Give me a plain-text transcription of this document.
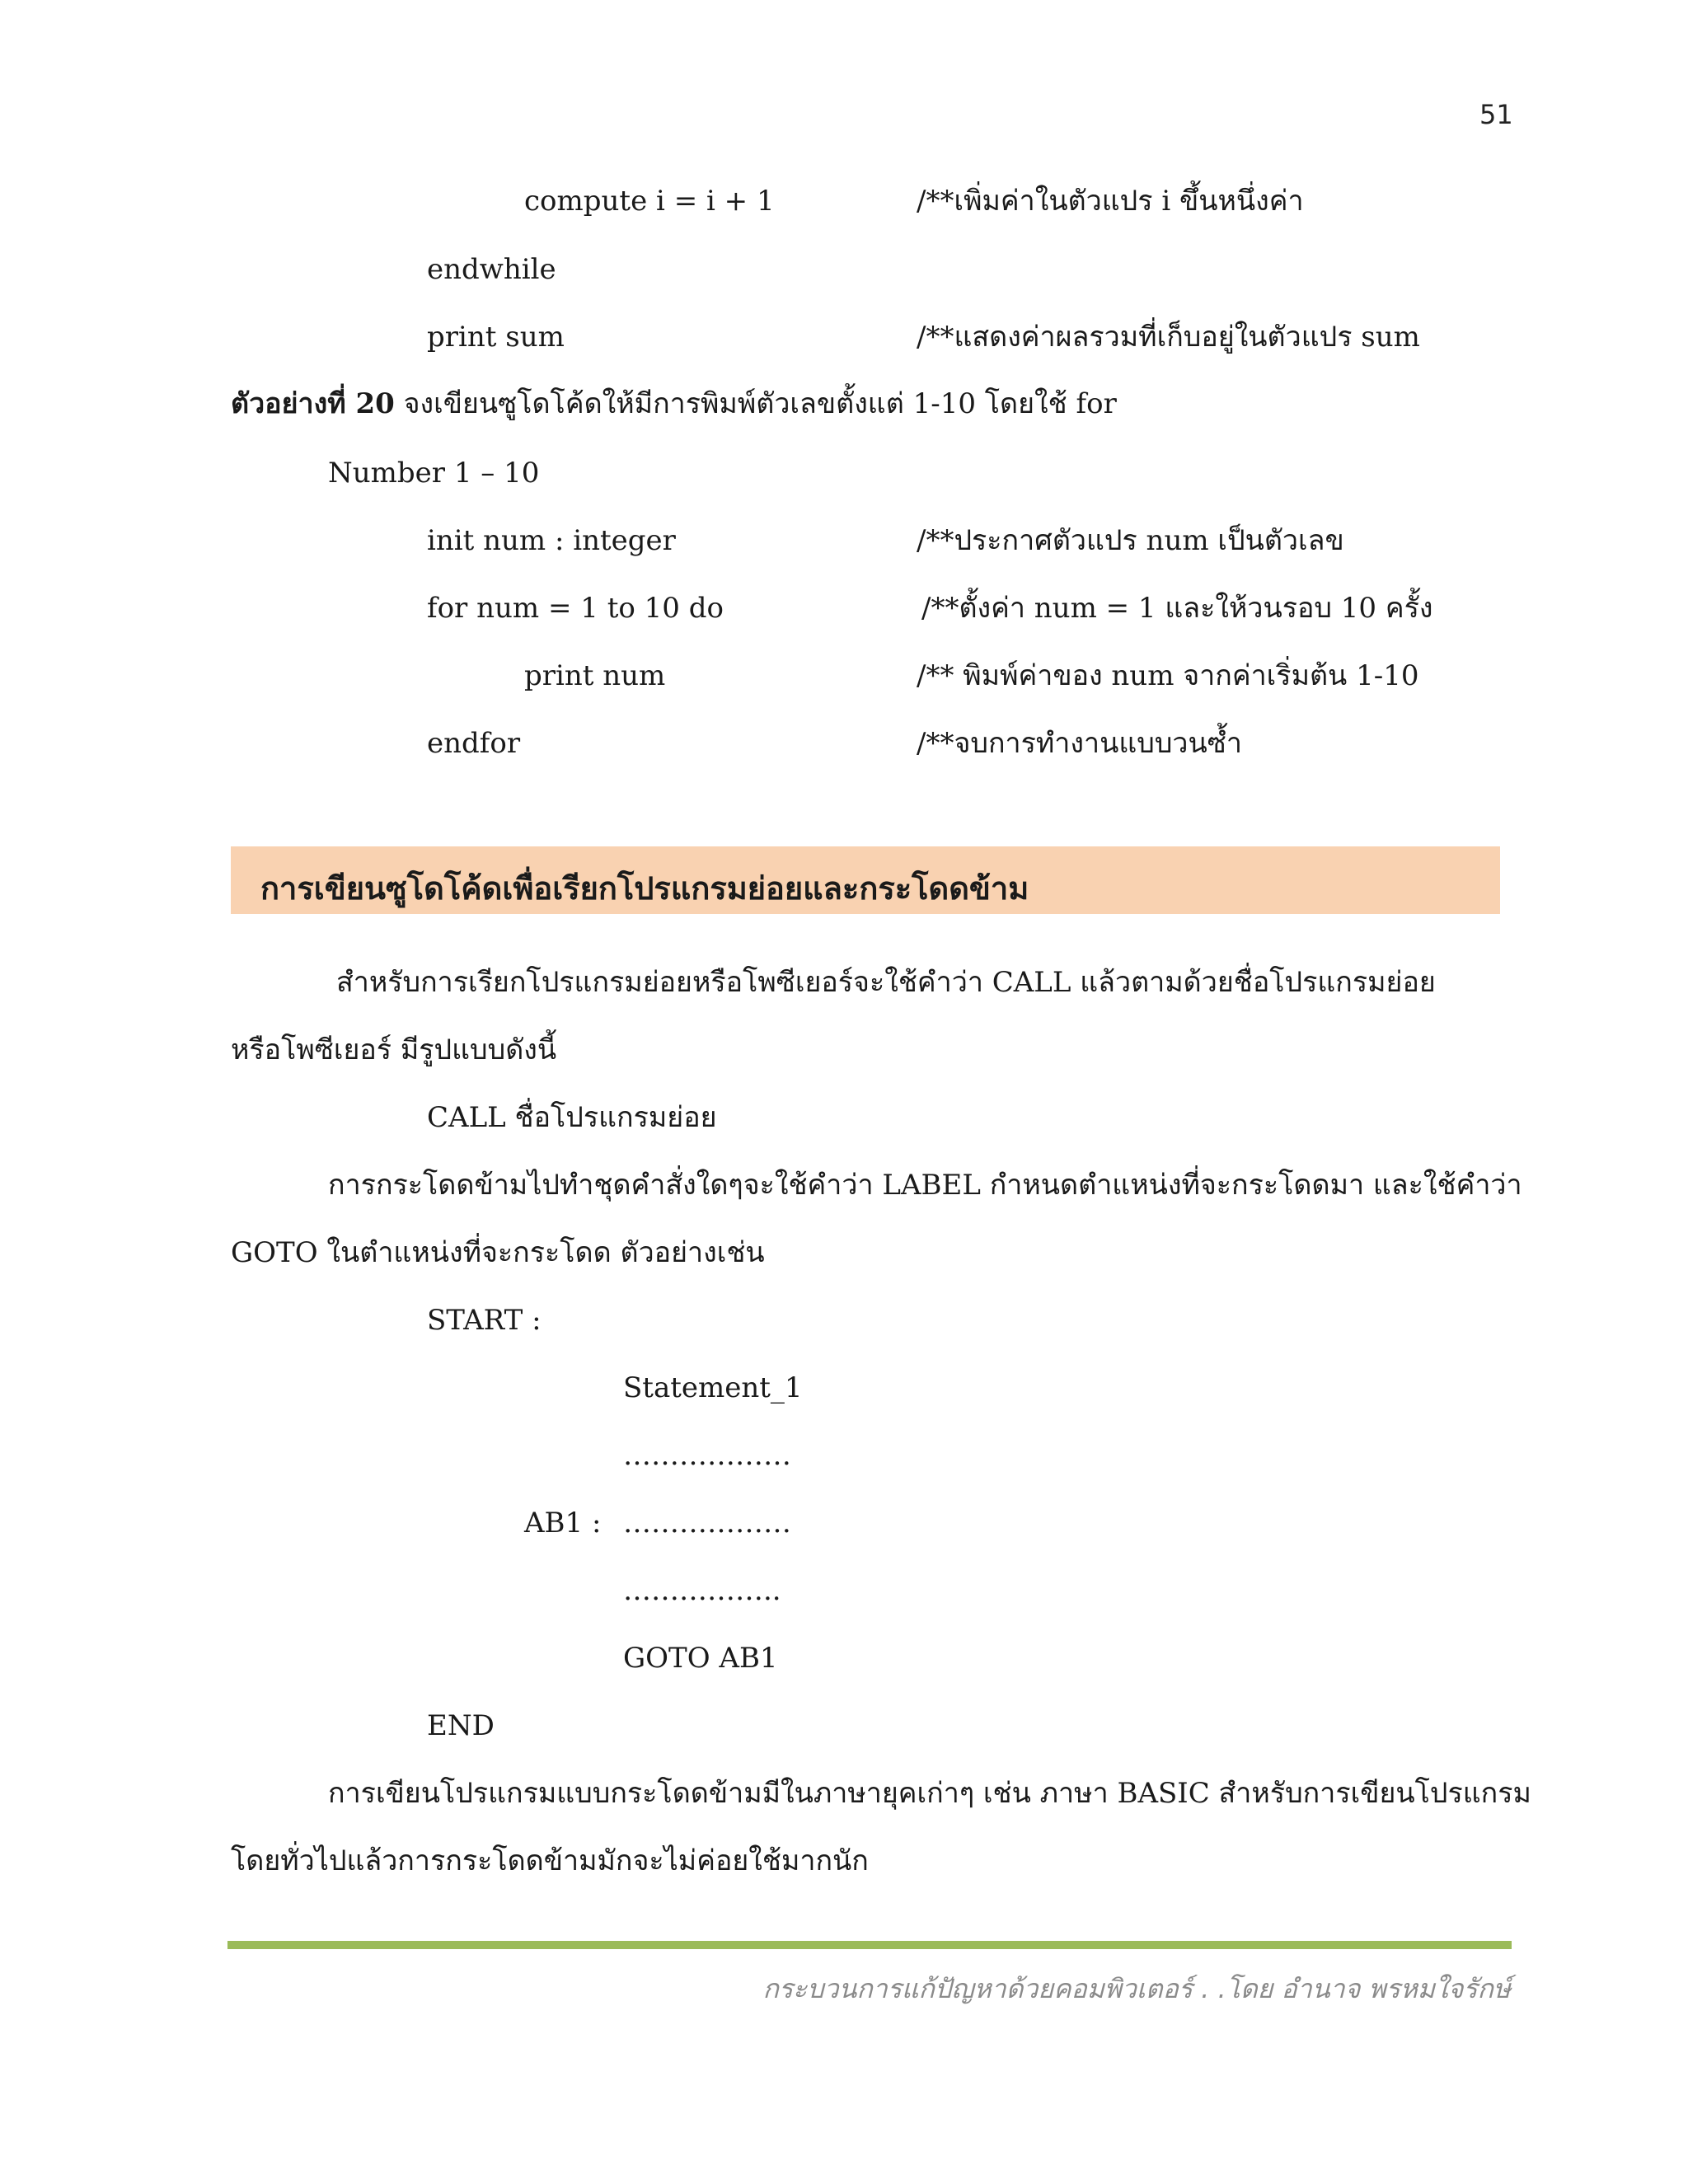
51
compute i = i + 1	/**เพิ่มค่าในตัวแปร i ขึ้นหนึ่งค่า
endwhile
print sum	/**แสดงค่าผลรวมที่เก็บอยู่ในตัวแปร sum
ตัวอย่างที่ 20 จงเขียนซูโดโค้ดให้มีการพิมพ์ตัวเลขตั้งแต่ 1-10 โดยใช้ for
Number 1 – 10
init num : integer	/**ประกาศตัวแปร num เป็นตัวเลข
for num = 1 to 10 do	/**ตั้งค่า num = 1 และให้วนรอบ 10 ครั้ง
print num	/** พิมพ์ค่าของ num จากค่าเริ่มต้น 1-10
endfor	/**จบการทำงานแบบวนซ้ำ
การเขียนซูโดโค้ดเพื่อเรียกโปรแกรมย่อยและกระโดดข้าม
สำหรับการเรียกโปรแกรมย่อยหรือโพซีเยอร์จะใช้คำว่า CALL แล้วตามด้วยชื่อโปรแกรมย่อย
หรือโพซีเยอร์ มีรูปแบบดังนี้
CALL ชื่อโปรแกรมย่อย
การกระโดดข้ามไปทำชุดคำสั่งใดๆจะใช้คำว่า LABEL กำหนดตำแหน่งที่จะกระโดดมา และใช้คำว่า
GOTO ในตำแหน่งที่จะกระโดด ตัวอย่างเช่น
START :
Statement_1
………………
AB1 : ………………
……………..
GOTO AB1
END
การเขียนโปรแกรมแบบกระโดดข้ามมีในภาษายุคเก่าๆ เช่น ภาษา BASIC สำหรับการเขียนโปรแกรม
โดยทั่วไปแล้วการกระโดดข้ามมักจะไม่ค่อยใช้มากนัก
กระบวนการแก้ปัญหาด้วยคอมพิวเตอร์ . .โดย อำนาจ พรหมใจรักษ์
